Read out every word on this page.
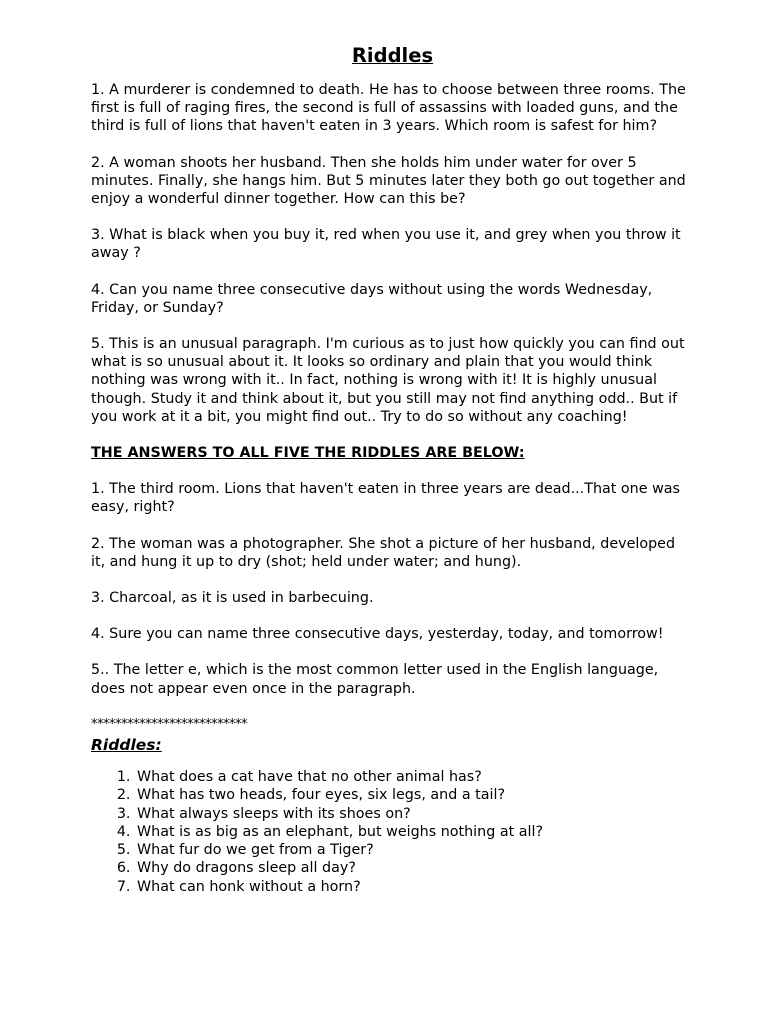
Riddles

1. A murderer is condemned to death. He has to choose between three rooms. The first is full of raging fires, the second is full of assassins with loaded guns, and the third is full of lions that haven't eaten in 3 years. Which room is safest for him?

2. A woman shoots her husband. Then she holds him under water for over 5 minutes. Finally, she hangs him. But 5 minutes later they both go out together and enjoy a wonderful dinner together. How can this be?

3. What is black when you buy it, red when you use it, and grey when you throw it away ?

4. Can you name three consecutive days without using the words Wednesday, Friday, or Sunday?

5. This is an unusual paragraph. I'm curious as to just how quickly you can find out what is so unusual about it. It looks so ordinary and plain that you would think nothing was wrong with it.. In fact, nothing is wrong with it! It is highly unusual though. Study it and think about it, but you still may not find anything odd.. But if you work at it a bit, you might find out.. Try to do so without any coaching!

THE ANSWERS TO ALL FIVE THE RIDDLES ARE BELOW:

1. The third room. Lions that haven't eaten in three years are dead...That one was easy, right?

2. The woman was a photographer. She shot a picture of her husband, developed it, and hung it up to dry (shot; held under water; and hung).

3. Charcoal, as it is used in barbecuing.

4. Sure you can name three consecutive days, yesterday, today, and tomorrow!

5.. The letter e, which is the most common letter used in the English language, does not appear even once in the paragraph.

**************************

Riddles:

1. What does a cat have that no other animal has?
2. What has two heads, four eyes, six legs, and a tail?
3. What always sleeps with its shoes on?
4. What is as big as an elephant, but weighs nothing at all?
5. What fur do we get from a Tiger?
6. Why do dragons sleep all day?
7. What can honk without a horn?
